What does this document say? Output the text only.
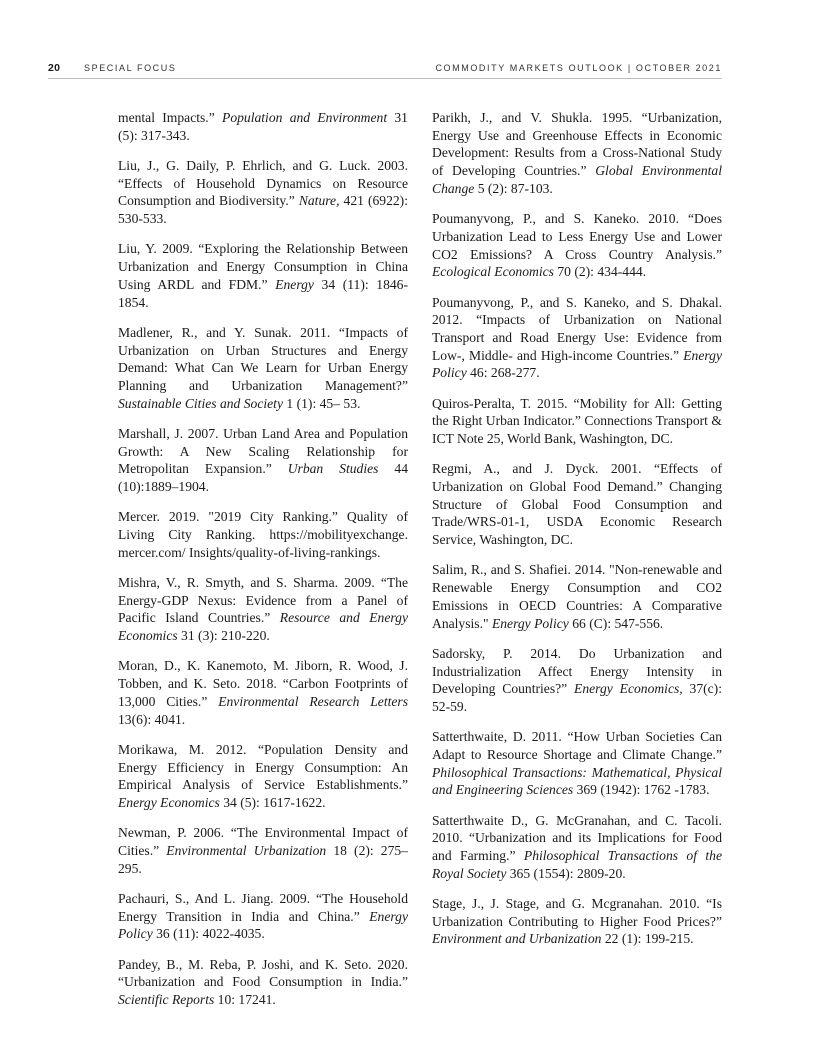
20	SPECIAL FOCUS	COMMODITY MARKETS OUTLOOK | OCTOBER 2021

mental Impacts.” Population and Environment 31 (5): 317-343.

Liu, J., G. Daily, P. Ehrlich, and G. Luck. 2003. “Effects of Household Dynamics on Resource Consumption and Biodiversity.” Nature, 421 (6922): 530-533.

Liu, Y. 2009. “Exploring the Relationship Between Urbanization and Energy Consumption in China Using ARDL and FDM.” Energy 34 (11): 1846-1854.

Madlener, R., and Y. Sunak. 2011. “Impacts of Urbanization on Urban Structures and Energy Demand: What Can We Learn for Urban Energy Planning and Urbanization Management?” Sustainable Cities and Society 1 (1): 45– 53.

Marshall, J. 2007. Urban Land Area and Population Growth: A New Scaling Relationship for Metropolitan Expansion.” Urban Studies 44 (10):1889–1904.

Mercer. 2019. "2019 City Ranking.” Quality of Living City Ranking. https://mobilityexchange. mercer.com/ Insights/quality-of-living-rankings.

Mishra, V., R. Smyth, and S. Sharma. 2009. “The Energy-GDP Nexus: Evidence from a Panel of Pacific Island Countries.” Resource and Energy Economics 31 (3): 210-220.

Moran, D., K. Kanemoto, M. Jiborn, R. Wood, J. Tobben, and K. Seto. 2018. “Carbon Footprints of 13,000 Cities.” Environmental Research Letters 13(6): 4041.

Morikawa, M. 2012. “Population Density and Energy Efficiency in Energy Consumption: An Empirical Analysis of Service Establishments.” Energy Economics 34 (5): 1617-1622.

Newman, P. 2006. “The Environmental Impact of Cities.” Environmental Urbanization 18 (2): 275–295.

Pachauri, S., And L. Jiang. 2009. “The Household Energy Transition in India and China.” Energy Policy 36 (11): 4022-4035.

Pandey, B., M. Reba, P. Joshi, and K. Seto. 2020. “Urbanization and Food Consumption in India.” Scientific Reports 10: 17241.

Parikh, J., and V. Shukla. 1995. “Urbanization, Energy Use and Greenhouse Effects in Economic Development: Results from a Cross-National Study of Developing Countries.” Global Environmental Change 5 (2): 87-103.

Poumanyvong, P., and S. Kaneko. 2010. “Does Urbanization Lead to Less Energy Use and Lower CO2 Emissions? A Cross Country Analysis.” Ecological Economics 70 (2): 434-444.

Poumanyvong, P., and S. Kaneko, and S. Dhakal. 2012. “Impacts of Urbanization on National Transport and Road Energy Use: Evidence from Low-, Middle- and High-income Countries.” Energy Policy 46: 268-277.

Quiros-Peralta, T. 2015. “Mobility for All: Getting the Right Urban Indicator.” Connections Transport & ICT Note 25, World Bank, Washington, DC.

Regmi, A., and J. Dyck. 2001. “Effects of Urbanization on Global Food Demand.” Changing Structure of Global Food Consumption and Trade/WRS-01-1, USDA Economic Research Service, Washington, DC.

Salim, R., and S. Shafiei. 2014. "Non-renewable and Renewable Energy Consumption and CO2 Emissions in OECD Countries: A Comparative Analysis." Energy Policy 66 (C): 547-556.

Sadorsky, P. 2014. Do Urbanization and Industrialization Affect Energy Intensity in Developing Countries?” Energy Economics, 37(c): 52-59.

Satterthwaite, D. 2011. “How Urban Societies Can Adapt to Resource Shortage and Climate Change.” Philosophical Transactions: Mathematical, Physical and Engineering Sciences 369 (1942): 1762 -1783.

Satterthwaite D., G. McGranahan, and C. Tacoli. 2010. “Urbanization and its Implications for Food and Farming.” Philosophical Transactions of the Royal Society 365 (1554): 2809-20.

Stage, J., J. Stage, and G. Mcgranahan. 2010. “Is Urbanization Contributing to Higher Food Prices?” Environment and Urbanization 22 (1): 199-215.
